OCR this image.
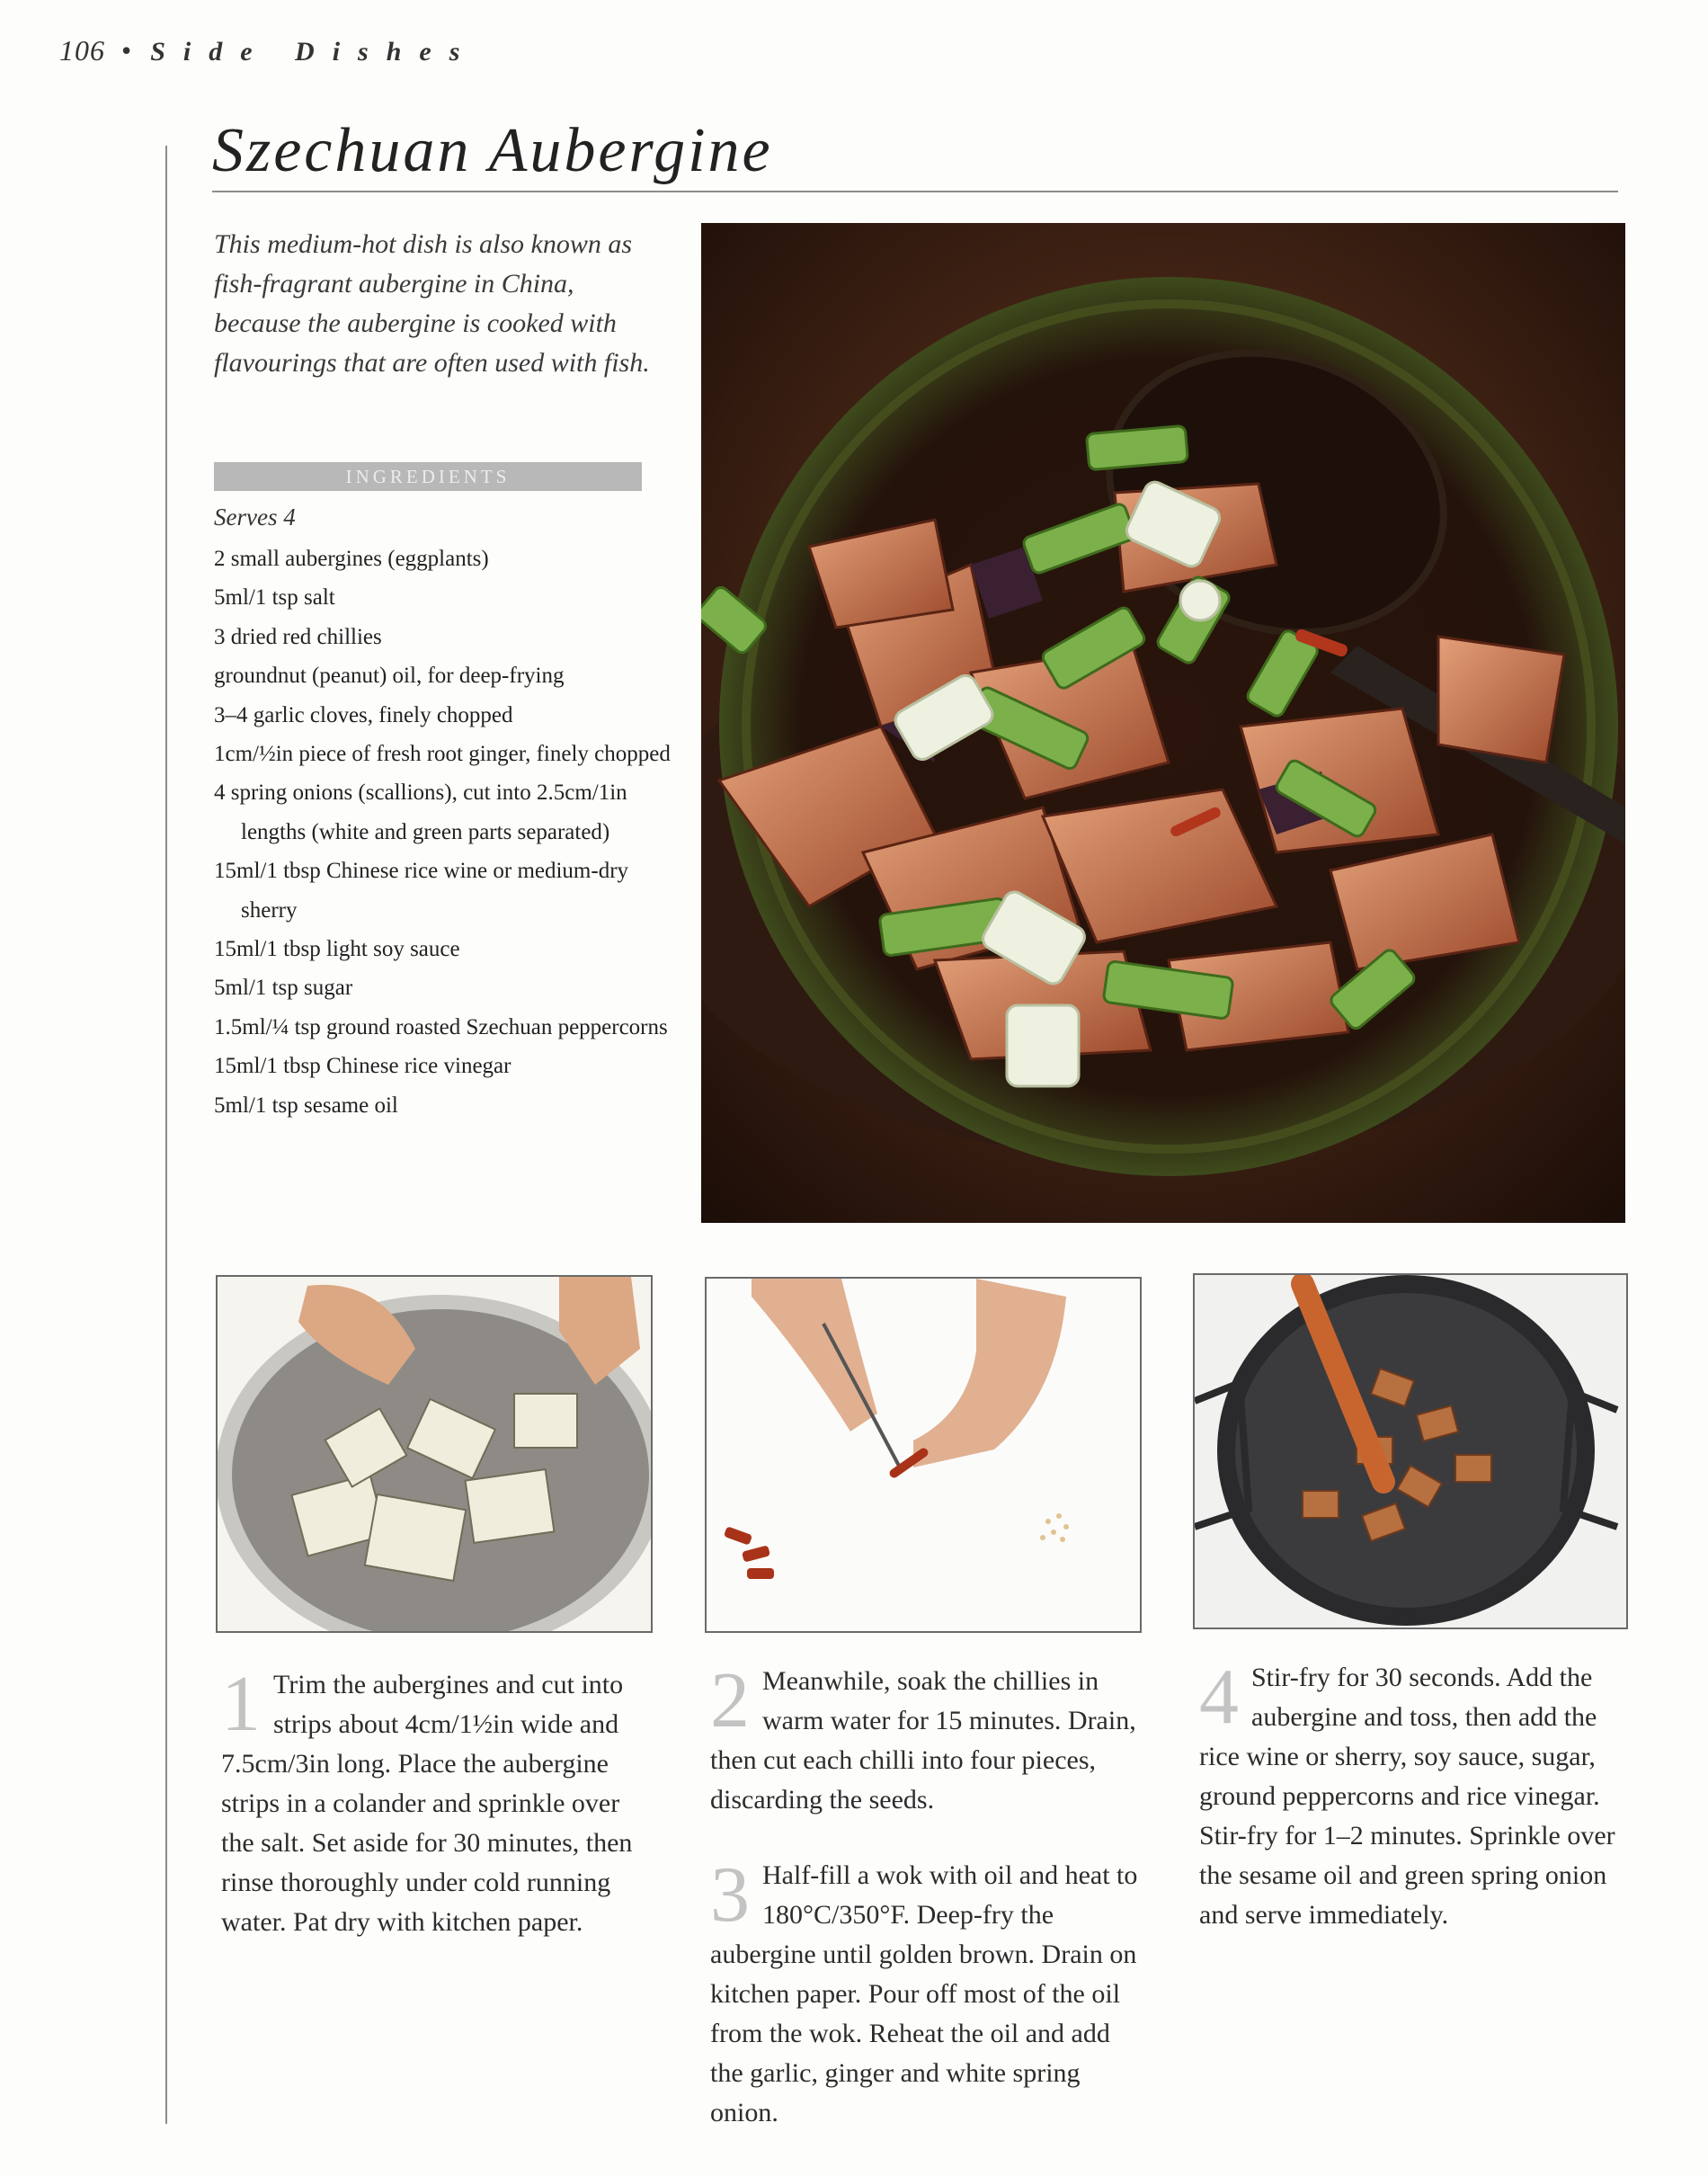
106 • Side Dishes
Szechuan Aubergine
This medium-hot dish is also known as fish-fragrant aubergine in China, because the aubergine is cooked with flavourings that are often used with fish.
INGREDIENTS
Serves 4
2 small aubergines (eggplants)
5ml/1 tsp salt
3 dried red chillies
groundnut (peanut) oil, for deep-frying
3–4 garlic cloves, finely chopped
1cm/½in piece of fresh root ginger, finely chopped
4 spring onions (scallions), cut into 2.5cm/1in lengths (white and green parts separated)
15ml/1 tbsp Chinese rice wine or medium-dry sherry
15ml/1 tbsp light soy sauce
5ml/1 tsp sugar
1.5ml/¼ tsp ground roasted Szechuan peppercorns
15ml/1 tbsp Chinese rice vinegar
5ml/1 tsp sesame oil
1 Trim the aubergines and cut into strips about 4cm/1½in wide and 7.5cm/3in long. Place the aubergine strips in a colander and sprinkle over the salt. Set aside for 30 minutes, then rinse thoroughly under cold running water. Pat dry with kitchen paper.
2 Meanwhile, soak the chillies in warm water for 15 minutes. Drain, then cut each chilli into four pieces, discarding the seeds.
3 Half-fill a wok with oil and heat to 180°C/350°F. Deep-fry the aubergine until golden brown. Drain on kitchen paper. Pour off most of the oil from the wok. Reheat the oil and add the garlic, ginger and white spring onion.
4 Stir-fry for 30 seconds. Add the aubergine and toss, then add the rice wine or sherry, soy sauce, sugar, ground peppercorns and rice vinegar. Stir-fry for 1–2 minutes. Sprinkle over the sesame oil and green spring onion and serve immediately.
